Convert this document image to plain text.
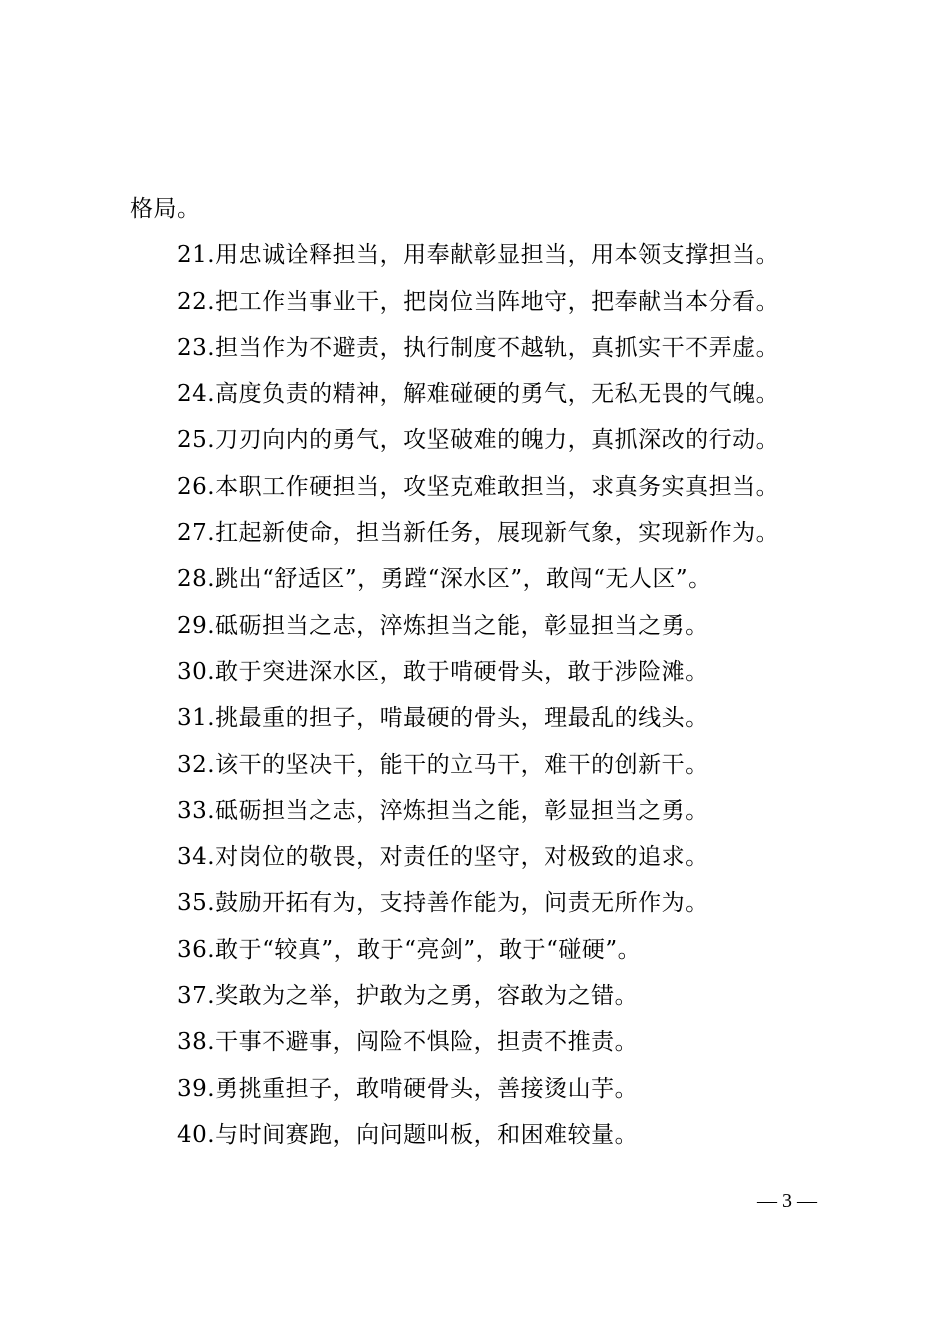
格局。
21.用忠诚诠释担当，用奉献彰显担当，用本领支撑担当。
22.把工作当事业干，把岗位当阵地守，把奉献当本分看。
23.担当作为不避责，执行制度不越轨，真抓实干不弄虚。
24.高度负责的精神，解难碰硬的勇气，无私无畏的气魄。
25.刀刃向内的勇气，攻坚破难的魄力，真抓深改的行动。
26.本职工作硬担当，攻坚克难敢担当，求真务实真担当。
27.扛起新使命，担当新任务，展现新气象，实现新作为。
28.跳出“舒适区”，勇蹚“深水区”，敢闯“无人区”。
29.砥砺担当之志，淬炼担当之能，彰显担当之勇。
30.敢于突进深水区，敢于啃硬骨头，敢于涉险滩。
31.挑最重的担子，啃最硬的骨头，理最乱的线头。
32.该干的坚决干，能干的立马干，难干的创新干。
33.砥砺担当之志，淬炼担当之能，彰显担当之勇。
34.对岗位的敬畏，对责任的坚守，对极致的追求。
35.鼓励开拓有为，支持善作能为，问责无所作为。
36.敢于“较真”，敢于“亮剑”，敢于“碰硬”。
37.奖敢为之举，护敢为之勇，容敢为之错。
38.干事不避事，闯险不惧险，担责不推责。
39.勇挑重担子，敢啃硬骨头，善接烫山芋。
40.与时间赛跑，向问题叫板，和困难较量。
— 3 —
